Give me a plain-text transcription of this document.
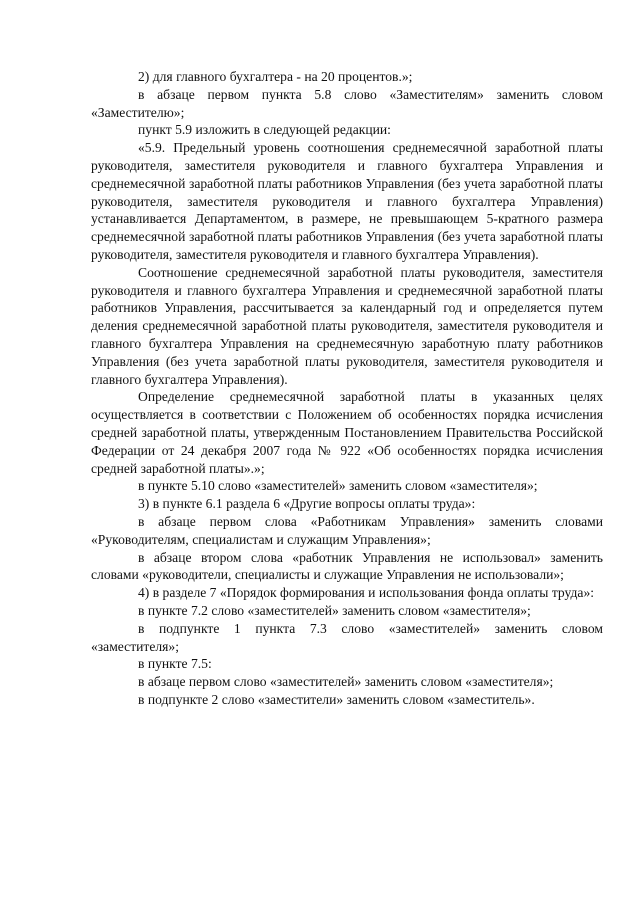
2) для главного бухгалтера - на 20 процентов.»;

в абзаце первом пункта 5.8 слово «Заместителям» заменить словом «Заместителю»;

пункт 5.9 изложить в следующей редакции:

«5.9. Предельный уровень соотношения среднемесячной заработной платы руководителя, заместителя руководителя и главного бухгалтера Управления и среднемесячной заработной платы работников Управления (без учета заработной платы руководителя, заместителя руководителя и главного бухгалтера Управления) устанавливается Департаментом, в размере, не превышающем 5-кратного размера среднемесячной заработной платы работников Управления (без учета заработной платы руководителя, заместителя руководителя и главного бухгалтера Управления).

Соотношение среднемесячной заработной платы руководителя, заместителя руководителя и главного бухгалтера Управления и среднемесячной заработной платы работников Управления, рассчитывается за календарный год и определяется путем деления среднемесячной заработной платы руководителя, заместителя руководителя и главного бухгалтера Управления на среднемесячную заработную плату работников Управления (без учета заработной платы руководителя, заместителя руководителя и главного бухгалтера Управления).

Определение среднемесячной заработной платы в указанных целях осуществляется в соответствии с Положением об особенностях порядка исчисления средней заработной платы, утвержденным Постановлением Правительства Российской Федерации от 24 декабря 2007 года № 922 «Об особенностях порядка исчисления средней заработной платы».»;

в пункте 5.10 слово «заместителей» заменить словом «заместителя»;

3) в пункте 6.1 раздела 6 «Другие вопросы оплаты труда»:

в абзаце первом слова «Работникам Управления» заменить словами «Руководителям, специалистам и служащим Управления»;

в абзаце втором слова «работник Управления не использовал» заменить словами «руководители, специалисты и служащие Управления не использовали»;

4) в разделе 7 «Порядок формирования и использования фонда оплаты труда»:

в пункте 7.2 слово «заместителей» заменить словом «заместителя»;

в подпункте 1 пункта 7.3 слово «заместителей» заменить словом «заместителя»;

в пункте 7.5:

в абзаце первом слово «заместителей» заменить словом «заместителя»;

в подпункте 2 слово «заместители» заменить словом «заместитель».
